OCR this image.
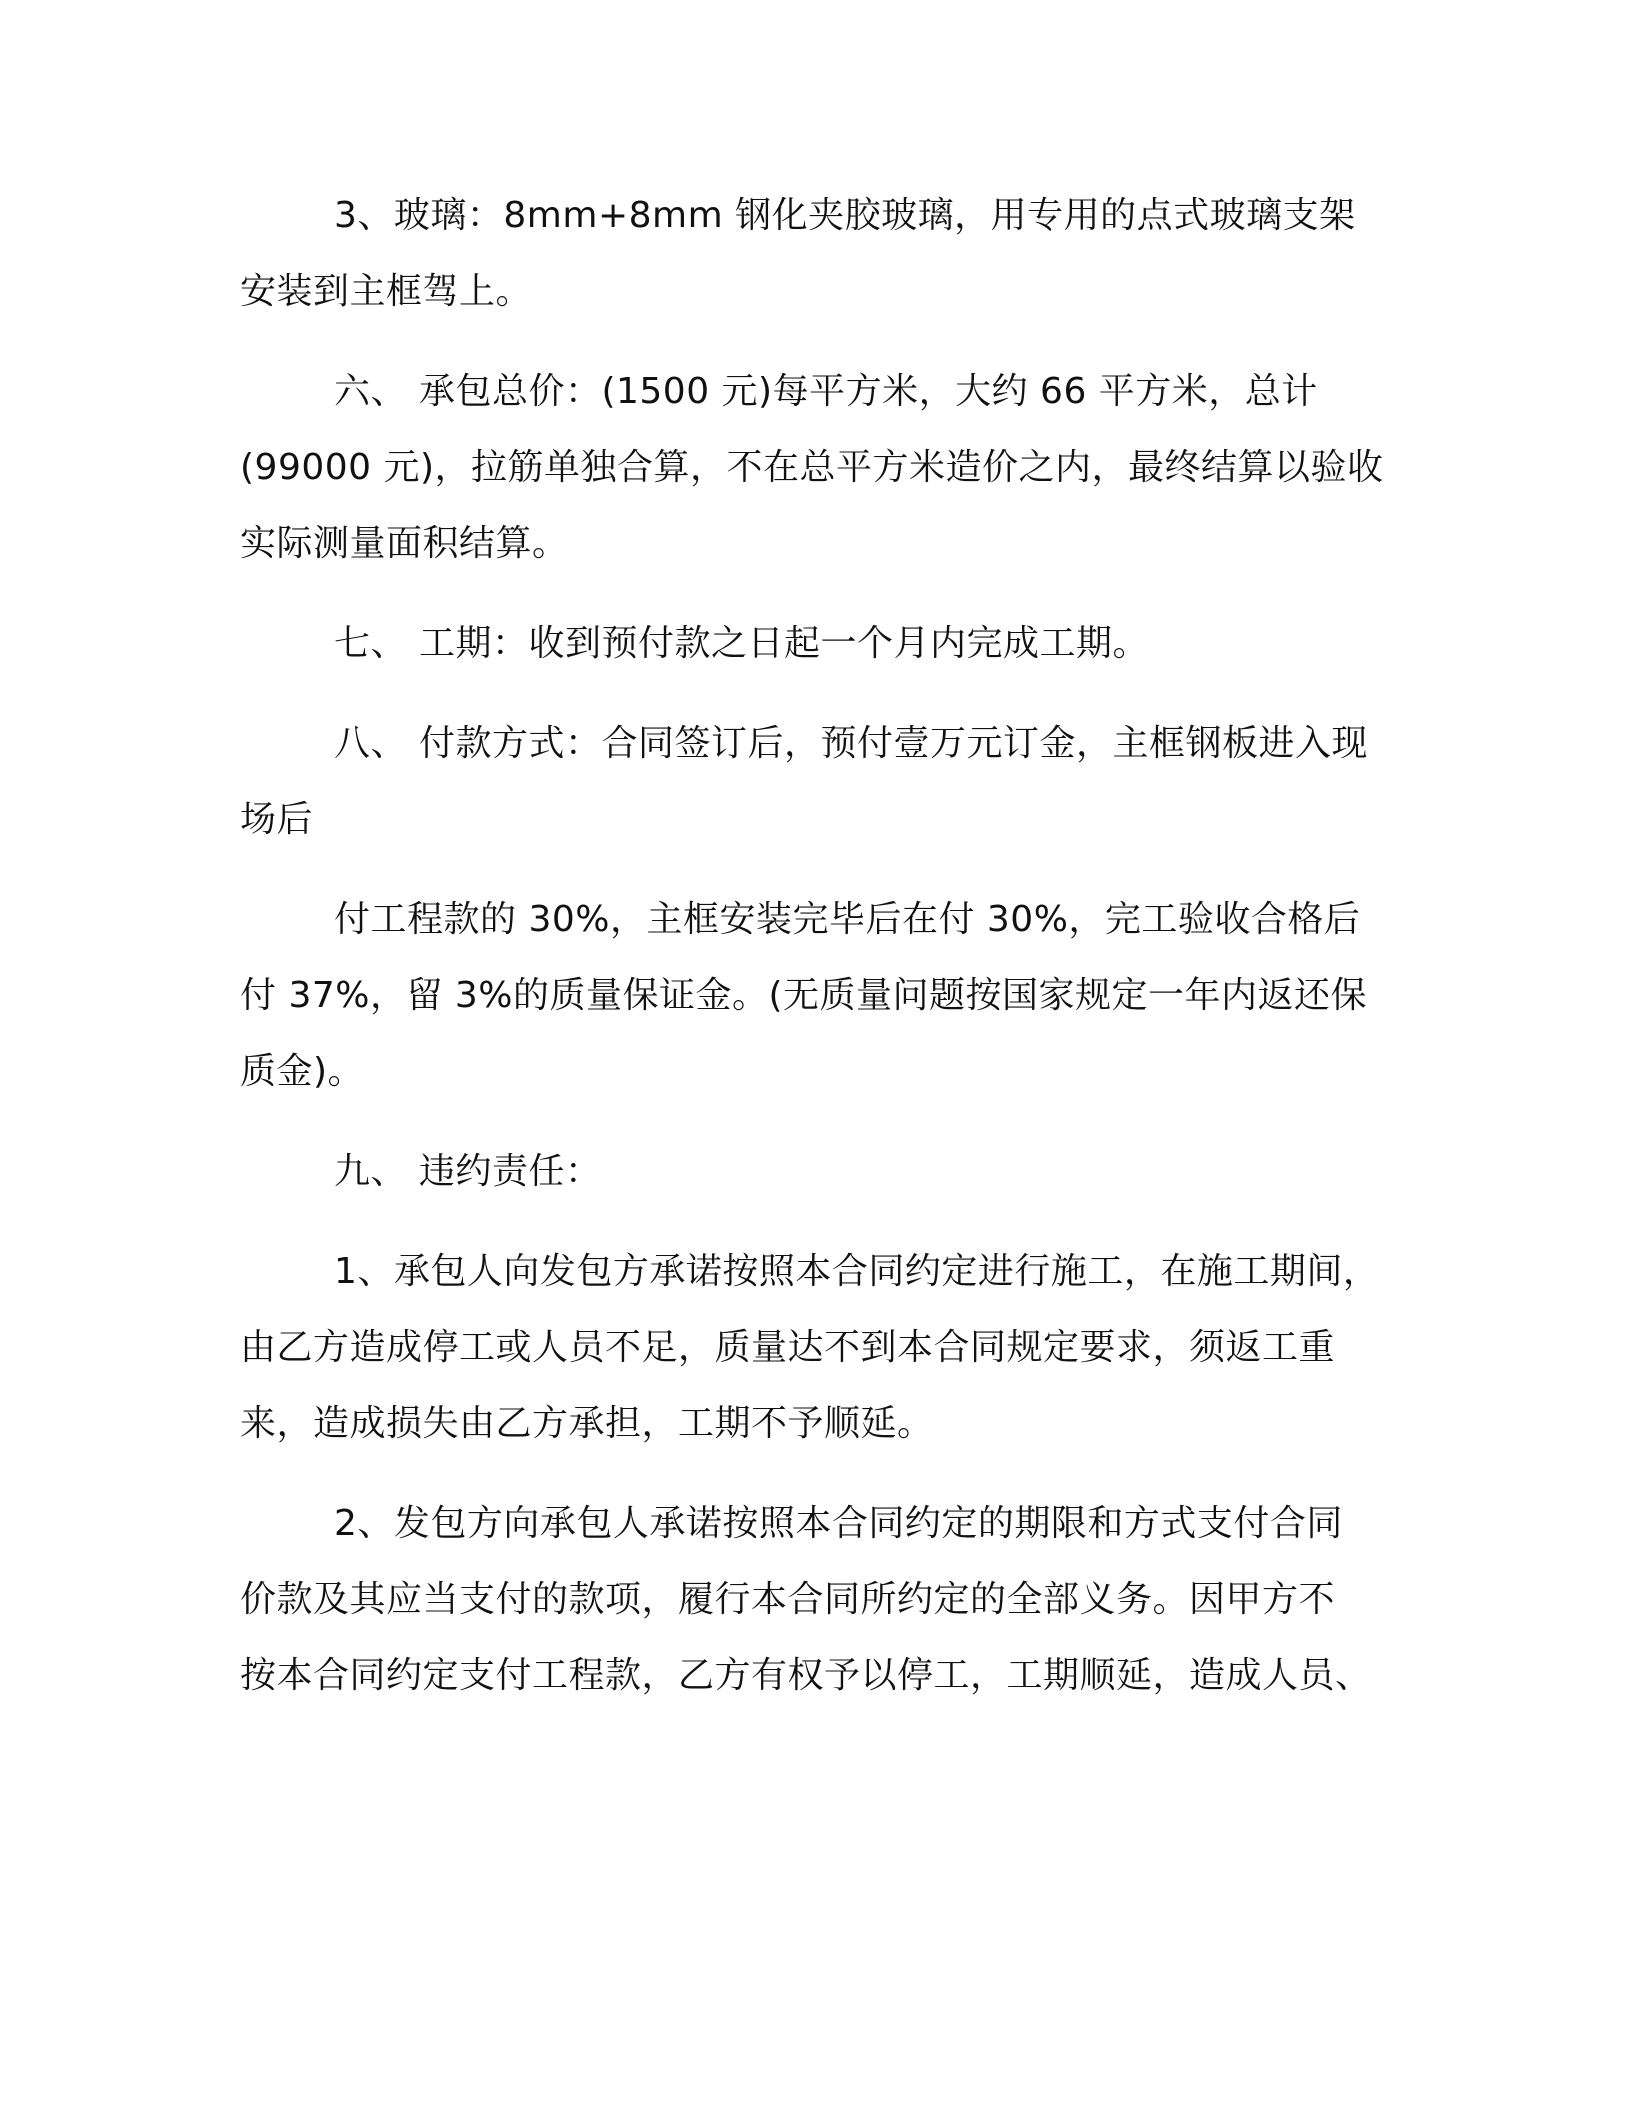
3、玻璃：8mm+8mm 钢化夹胶玻璃，用专用的点式玻璃支架
安装到主框驾上。

六、 承包总价：(1500 元)每平方米，大约 66 平方米，总计
(99000 元)，拉筋单独合算，不在总平方米造价之内，最终结算以验收
实际测量面积结算。

七、 工期：收到预付款之日起一个月内完成工期。

八、 付款方式：合同签订后，预付壹万元订金，主框钢板进入现
场后

付工程款的 30%，主框安装完毕后在付 30%，完工验收合格后
付 37%，留 3%的质量保证金。(无质量问题按国家规定一年内返还保
质金)。

九、 违约责任：

1、承包人向发包方承诺按照本合同约定进行施工，在施工期间，
由乙方造成停工或人员不足，质量达不到本合同规定要求，须返工重
来，造成损失由乙方承担，工期不予顺延。

2、发包方向承包人承诺按照本合同约定的期限和方式支付合同
价款及其应当支付的款项，履行本合同所约定的全部义务。因甲方不
按本合同约定支付工程款，乙方有权予以停工，工期顺延，造成人员、
